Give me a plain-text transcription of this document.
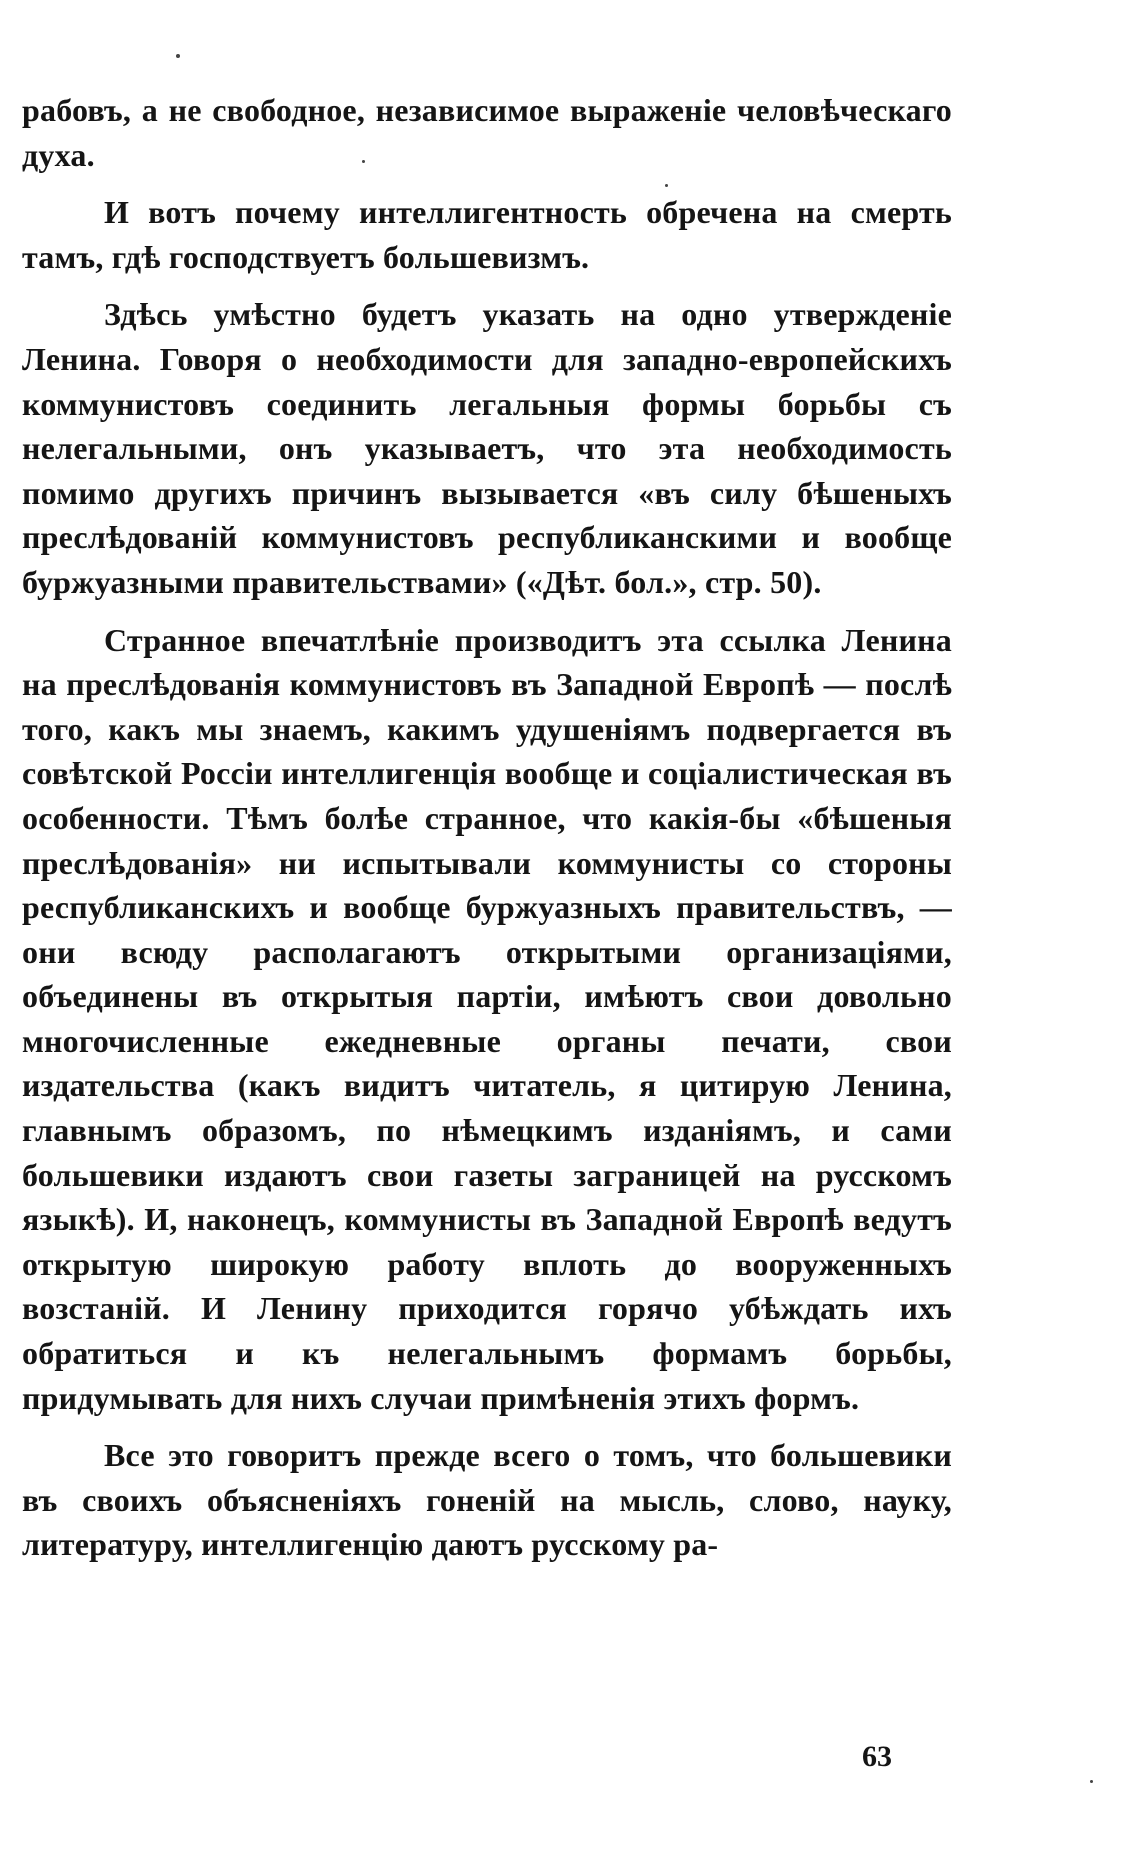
рабовъ, а не свободное, независимое выраженіе человѣческаго духа.

И вотъ почему интеллигентность обречена на смерть тамъ, гдѣ господствуетъ большевизмъ.

Здѣсь умѣстно будетъ указать на одно утвержденіе Ленина. Говоря о необходимости для западно-европейскихъ коммунистовъ соединить легальныя формы борьбы съ нелегальными, онъ указываетъ, что эта необходимость помимо другихъ причинъ вызывается «въ силу бѣшеныхъ преслѣдованій коммунистовъ республиканскими и вообще буржуазными правительствами» («Дѣт. бол.», стр. 50).

Странное впечатлѣніе производитъ эта ссылка Ленина на преслѣдованія коммунистовъ въ Западной Европѣ — послѣ того, какъ мы знаемъ, какимъ удушеніямъ подвергается въ совѣтской Россіи интеллигенція вообще и соціалистическая въ особенности. Тѣмъ болѣе странное, что какія-бы «бѣшеныя преслѣдованія» ни испытывали коммунисты со стороны республиканскихъ и вообще буржуазныхъ правительствъ, — они всюду располагаютъ открытыми организаціями, объединены въ открытыя партіи, имѣютъ свои довольно многочисленные ежедневные органы печати, свои издательства (какъ видитъ читатель, я цитирую Ленина, главнымъ образомъ, по нѣмецкимъ изданіямъ, и сами большевики издаютъ свои газеты заграницей на русскомъ языкѣ). И, наконецъ, коммунисты въ Западной Европѣ ведутъ открытую широкую работу вплоть до вооруженныхъ возстаній. И Ленину приходится горячо убѣждать ихъ обратиться и къ нелегальнымъ формамъ борьбы, придумывать для нихъ случаи примѣненія этихъ формъ.

Все это говоритъ прежде всего о томъ, что большевики въ своихъ объясненіяхъ гоненій на мысль, слово, науку, литературу, интеллигенцію даютъ русскому ра-

63
